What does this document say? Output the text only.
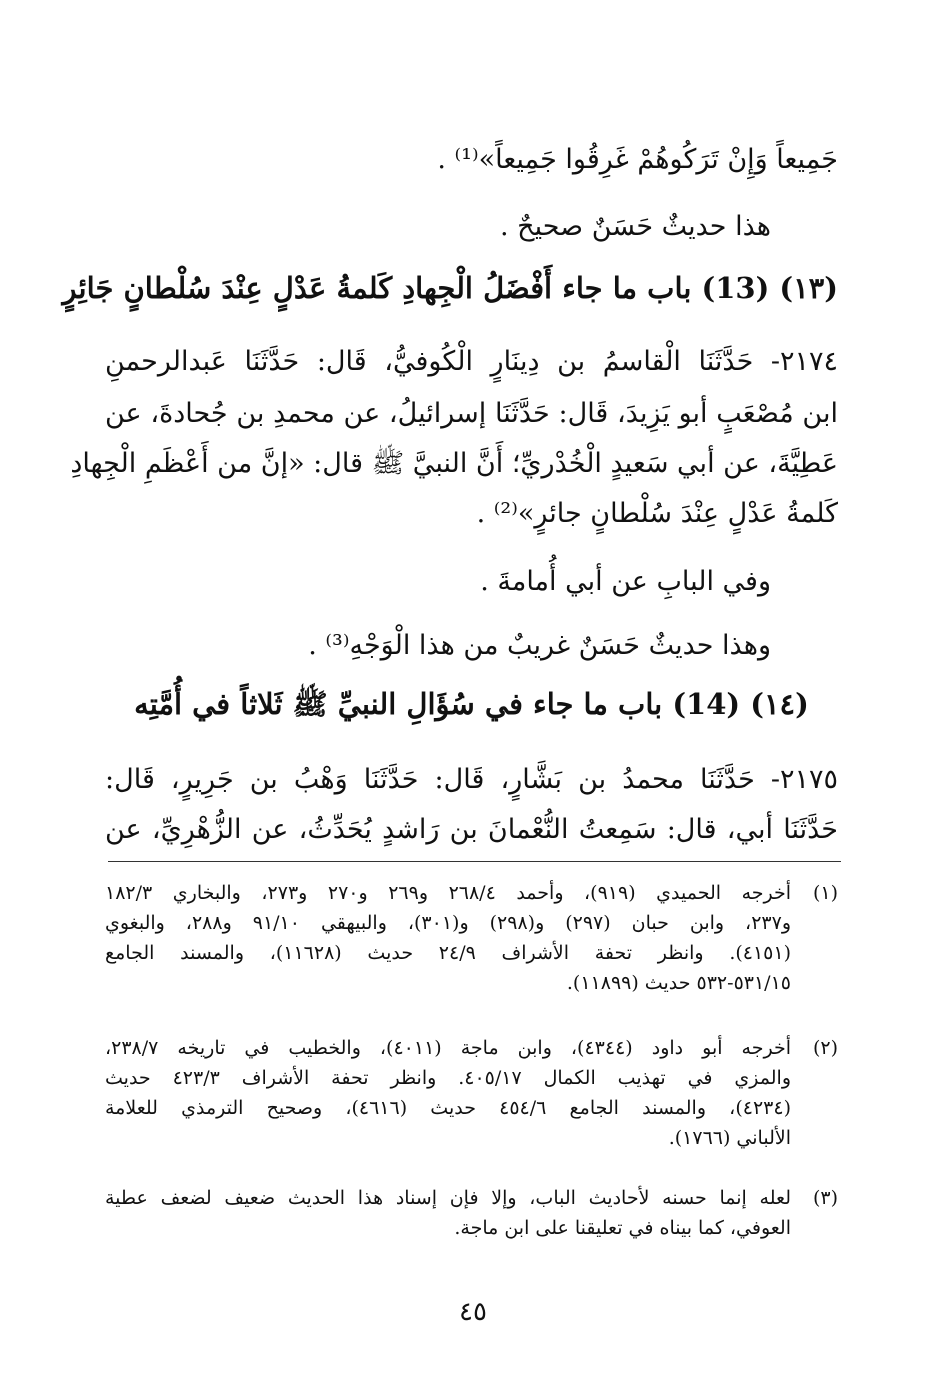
جَمِيعاً وَإِنْ تَرَكُوهُمْ غَرِقُوا جَمِيعاً»⁽¹⁾ .
هذا حديثٌ حَسَنٌ صحيحٌ .
(١٣) (13) باب ما جاء أَفْضَلُ الْجِهادِ كَلمةُ عَدْلٍ عِنْدَ سُلْطانٍ جَائِرٍ
٢١٧٤- حَدَّثَنَا الْقاسمُ بن دِينَارٍ الْكُوفيُّ، قَال: حَدَّثَنَا عَبدالرحمنِ
ابن مُصْعَبٍ أبو يَزِيدَ، قَال: حَدَّثَنَا إسرائيلُ، عن محمدِ بن جُحادةَ، عن
عَطِيَّةَ، عن أبي سَعيدٍ الْخُدْريِّ؛ أَنَّ النبيَّ ﷺ قال: «إنَّ من أَعْظَمِ الْجِهادِ
كَلمةُ عَدْلٍ عِنْدَ سُلْطانٍ جائرٍ»⁽²⁾ .
وفي البابِ عن أبي أُمامةَ .
وهذا حديثٌ حَسَنٌ غريبٌ من هذا الْوَجْهِ⁽³⁾ .
(١٤) (14) باب ما جاء في سُؤَالِ النبيِّ ﷺ ثَلاثاً في أُمَّتِه
٢١٧٥- حَدَّثَنَا محمدُ بن بَشَّارٍ، قَال: حَدَّثَنَا وَهْبُ بن جَرِيرٍ، قَال:
حَدَّثَنَا أبي، قال: سَمِعتُ النُّعْمانَ بن رَاشدٍ يُحَدِّثُ، عن الزُّهْرِيِّ، عن
(١)
أخرجه الحميدي (٩١٩)، وأحمد ٢٦٨/٤ و٢٦٩ و٢٧٠ و٢٧٣، والبخاري ١٨٢/٣
و٢٣٧، وابن حبان (٢٩٧) و(٢٩٨) و(٣٠١)، والبيهقي ٩١/١٠ و٢٨٨، والبغوي
(٤١٥١). وانظر تحفة الأشراف ٢٤/٩ حديث (١١٦٢٨)، والمسند الجامع
٥٣١/١٥-٥٣٢ حديث (١١٨٩٩).
(٢)
أخرجه أبو داود (٤٣٤٤)، وابن ماجة (٤٠١١)، والخطيب في تاريخه ٢٣٨/٧،
والمزي في تهذيب الكمال ٤٠٥/١٧. وانظر تحفة الأشراف ٤٢٣/٣ حديث
(٤٢٣٤)، والمسند الجامع ٤٥٤/٦ حديث (٤٦١٦)، وصحيح الترمذي للعلامة
الألباني (١٧٦٦).
(٣)
لعله إنما حسنه لأحاديث الباب، وإلا فإن إسناد هذا الحديث ضعيف لضعف عطية
العوفي، كما بيناه في تعليقنا على ابن ماجة.
٤٥
